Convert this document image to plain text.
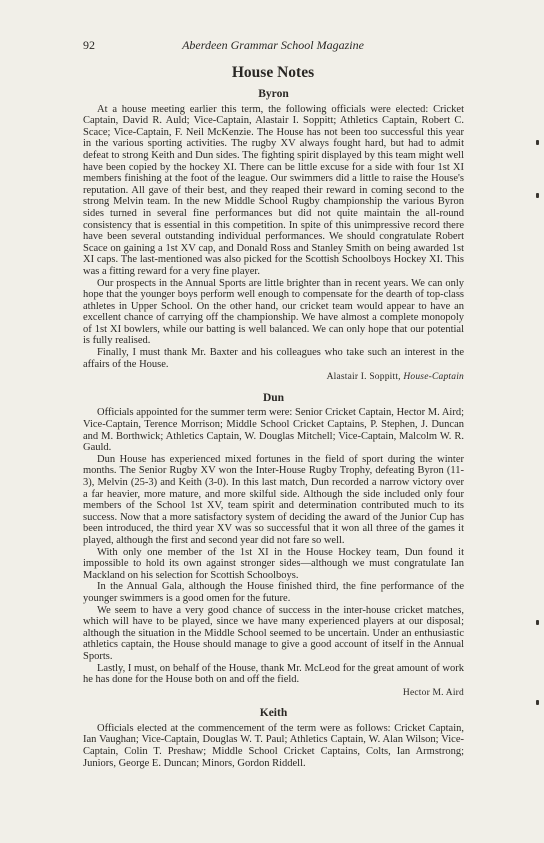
92	Aberdeen Grammar School Magazine
House Notes
Byron

At a house meeting earlier this term, the following officials were elected: Cricket Captain, David R. Auld; Vice-Captain, Alastair I. Soppitt; Athletics Captain, Robert C. Scace; Vice-Captain, F. Neil McKenzie. The House has not been too successful this year in the various sporting activities. The rugby XV always fought hard, but had to admit defeat to strong Keith and Dun sides. The fighting spirit displayed by this team might well have been copied by the hockey XI. There can be little excuse for a side with four 1st XI members finishing at the foot of the league. Our swimmers did a little to raise the House's reputation. All gave of their best, and they reaped their reward in coming second to the strong Melvin team. In the new Middle School Rugby championship the various Byron sides turned in several fine performances but did not quite maintain the all-round consistency that is essential in this competition. In spite of this unimpressive record there have been several outstanding individual performances. We should congratulate Robert Scace on gaining a 1st XV cap, and Donald Ross and Stanley Smith on being awarded 1st XI caps. The last-mentioned was also picked for the Scottish Schoolboys Hockey XI. This was a fitting reward for a very fine player.

Our prospects in the Annual Sports are little brighter than in recent years. We can only hope that the younger boys perform well enough to compensate for the dearth of top-class athletes in Upper School. On the other hand, our cricket team would appear to have an excellent chance of carrying off the championship. We have almost a complete monopoly of 1st XI bowlers, while our batting is well balanced. We can only hope that our potential is fully realised.

Finally, I must thank Mr. Baxter and his colleagues who take such an interest in the affairs of the House.

Alastair I. Soppitt, House-Captain

Dun

Officials appointed for the summer term were: Senior Cricket Captain, Hector M. Aird; Vice-Captain, Terence Morrison; Middle School Cricket Captains, P. Stephen, J. Duncan and M. Borthwick; Athletics Captain, W. Douglas Mitchell; Vice-Captain, Malcolm W. R. Gauld.

Dun House has experienced mixed fortunes in the field of sport during the winter months. The Senior Rugby XV won the Inter-House Rugby Trophy, defeating Byron (11-3), Melvin (25-3) and Keith (3-0). In this last match, Dun recorded a narrow victory over a far heavier, more mature, and more skilful side. Although the side included only four members of the School 1st XV, team spirit and determination contributed much to its success. Now that a more satisfactory system of deciding the award of the Junior Cup has been introduced, the third year XV was so successful that it won all three of the games it played, although the first and second year did not fare so well.

With only one member of the 1st XI in the House Hockey team, Dun found it impossible to hold its own against stronger sides—although we must congratulate Ian Mackland on his selection for Scottish Schoolboys.

In the Annual Gala, although the House finished third, the fine performance of the younger swimmers is a good omen for the future.

We seem to have a very good chance of success in the inter-house cricket matches, which will have to be played, since we have many experienced players at our disposal; although the situation in the Middle School seemed to be uncertain. Under an enthusiastic athletics captain, the House should manage to give a good account of itself in the Annual Sports.

Lastly, I must, on behalf of the House, thank Mr. McLeod for the great amount of work he has done for the House both on and off the field.

Hector M. Aird

Keith

Officials elected at the commencement of the term were as follows: Cricket Captain, Ian Vaughan; Vice-Captain, Douglas W. T. Paul; Athletics Captain, W. Alan Wilson; Vice-Captain, Colin T. Preshaw; Middle School Cricket Captains, Colts, Ian Armstrong; Juniors, George E. Duncan; Minors, Gordon Riddell.
